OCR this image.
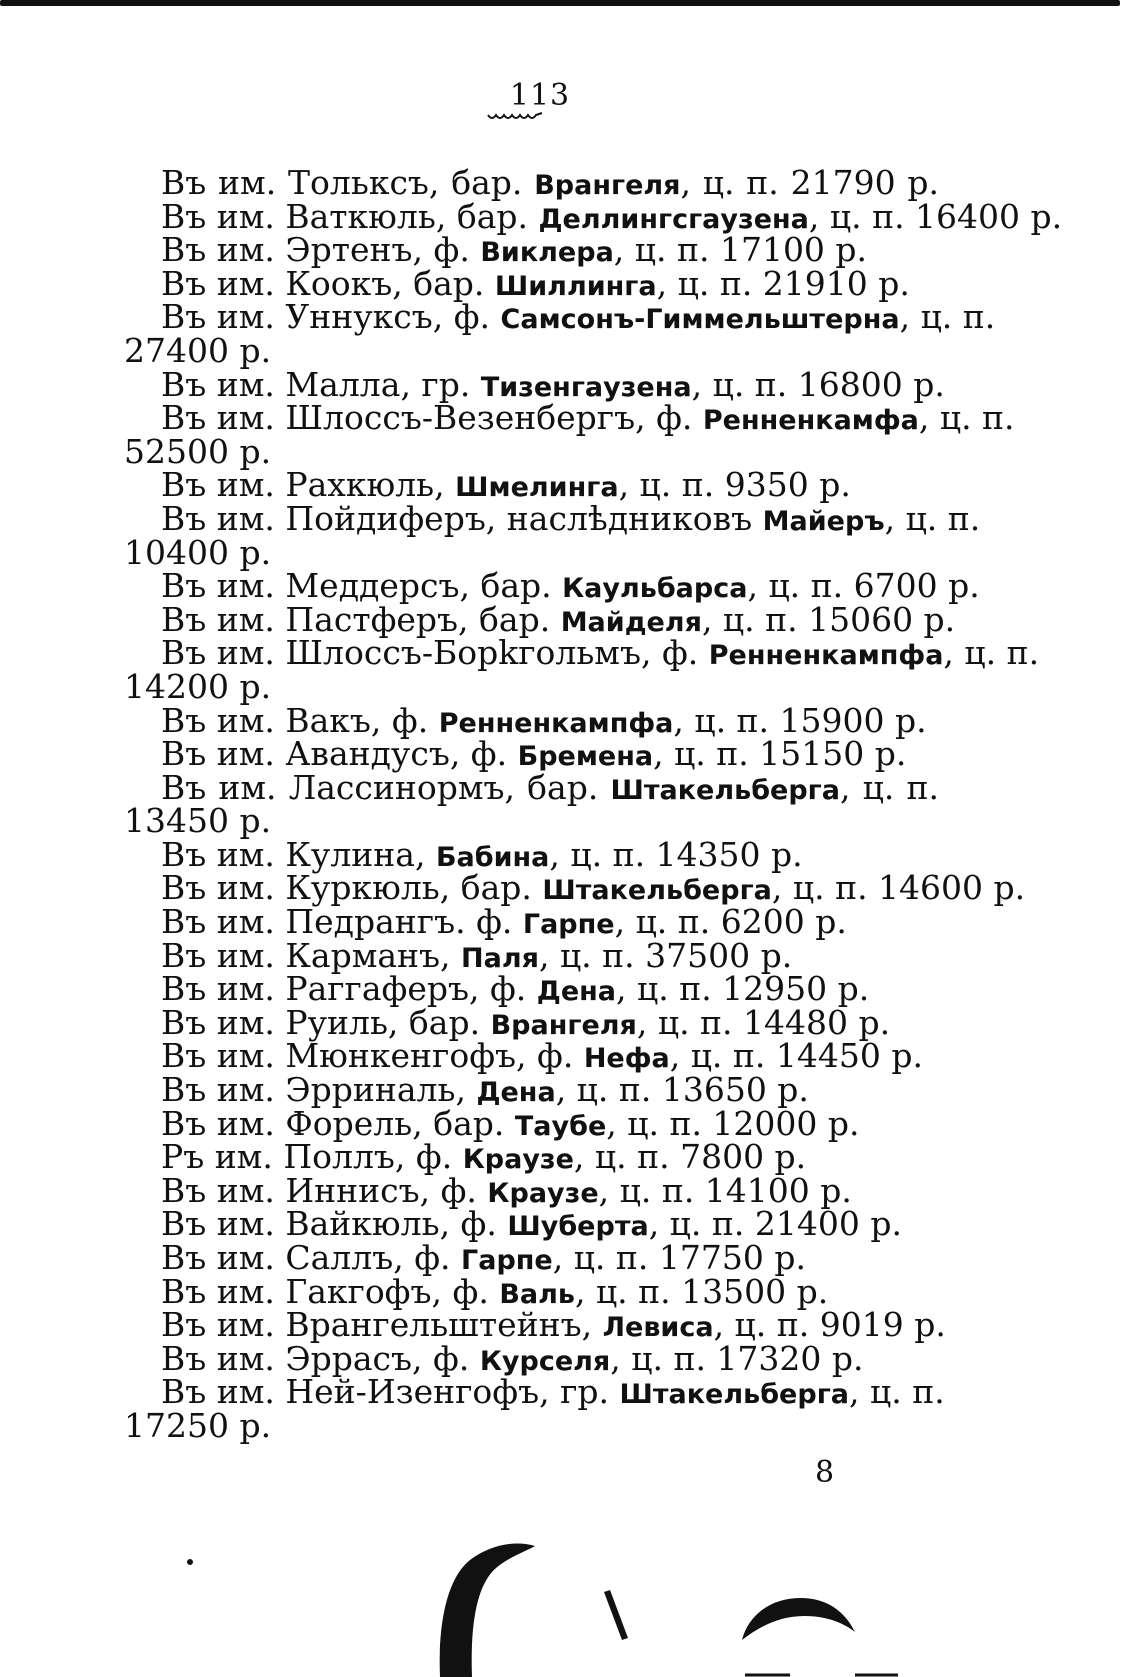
113
Въ им. Тольксъ, бар. Врангеля, ц. п. 21790 р.
Въ им. Ваткюль, бар. Деллингсгаузена, ц. п. 16400 р.
Въ им. Эртенъ, ф. Виклера, ц. п. 17100 р.
Въ им. Коокъ, бар. Шиллинга, ц. п. 21910 р.
Въ им. Уннуксъ, ф. Самсонъ-Гиммельштерна, ц. п.
27400 р.
Въ им. Малла, гр. Тизенгаузена, ц. п. 16800 р.
Въ им. Шлоссъ-Везенбергъ, ф. Ренненкамфа, ц. п.
52500 р.
Въ им. Рахкюль, Шмелинга, ц. п. 9350 р.
Въ им. Пойдиферъ, наслѣдниковъ Майеръ, ц. п.
10400 р.
Въ им. Меддерсъ, бар. Каульбарса, ц. п. 6700 р.
Въ им. Пастферъ, бар. Майделя, ц. п. 15060 р.
Въ им. Шлоссъ-Борkгольмъ, ф. Ренненкампфа, ц. п.
14200 р.
Въ им. Вакъ, ф. Ренненкампфа, ц. п. 15900 р.
Въ им. Авандусъ, ф. Бремена, ц. п. 15150 р.
Въ им. Лассинормъ, бар. Штакельберга, ц. п.
13450 р.
Въ им. Кулина, Бабина, ц. п. 14350 р.
Въ им. Куркюль, бар. Штакельберга, ц. п. 14600 р.
Въ им. Педрангъ. ф. Гарпе, ц. п. 6200 р.
Въ им. Карманъ, Паля, ц. п. 37500 р.
Въ им. Раггаферъ, ф. Дена, ц. п. 12950 р.
Въ им. Руиль, бар. Врангеля, ц. п. 14480 р.
Въ им. Мюнкенгофъ, ф. Нефа, ц. п. 14450 р.
Въ им. Эрриналь, Дена, ц. п. 13650 р.
Въ им. Форель, бар. Таубе, ц. п. 12000 р.
Ръ им. Поллъ, ф. Краузе, ц. п. 7800 р.
Въ им. Иннисъ, ф. Краузе, ц. п. 14100 р.
Въ им. Вайкюль, ф. Шуберта, ц. п. 21400 р.
Въ им. Саллъ, ф. Гарпе, ц. п. 17750 р.
Въ им. Гакгофъ, ф. Валь, ц. п. 13500 р.
Въ им. Врангельштейнъ, Левиса, ц. п. 9019 р.
Въ им. Эррасъ, ф. Курселя, ц. п. 17320 р.
Въ им. Ней-Изенгофъ, гр. Штакельберга, ц. п.
17250 р.
8
